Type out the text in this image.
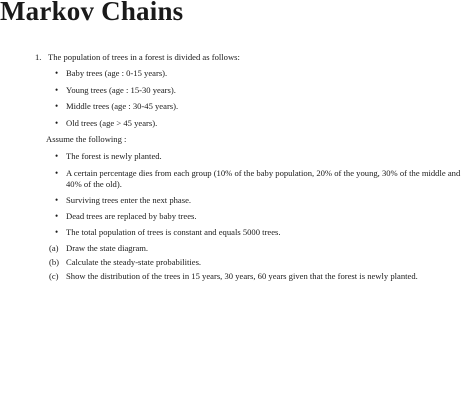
Markov Chains
1. The population of trees in a forest is divided as follows:
• Baby trees (age : 0-15 years).
• Young trees (age : 15-30 years).
• Middle trees (age : 30-45 years).
• Old trees (age > 45 years).
Assume the following :
• The forest is newly planted.
• A certain percentage dies from each group (10% of the baby population, 20% of the young, 30% of the middle and 40% of the old).
• Surviving trees enter the next phase.
• Dead trees are replaced by baby trees.
• The total population of trees is constant and equals 5000 trees.
(a) Draw the state diagram.
(b) Calculate the steady-state probabilities.
(c) Show the distribution of the trees in 15 years, 30 years, 60 years given that the forest is newly planted.
